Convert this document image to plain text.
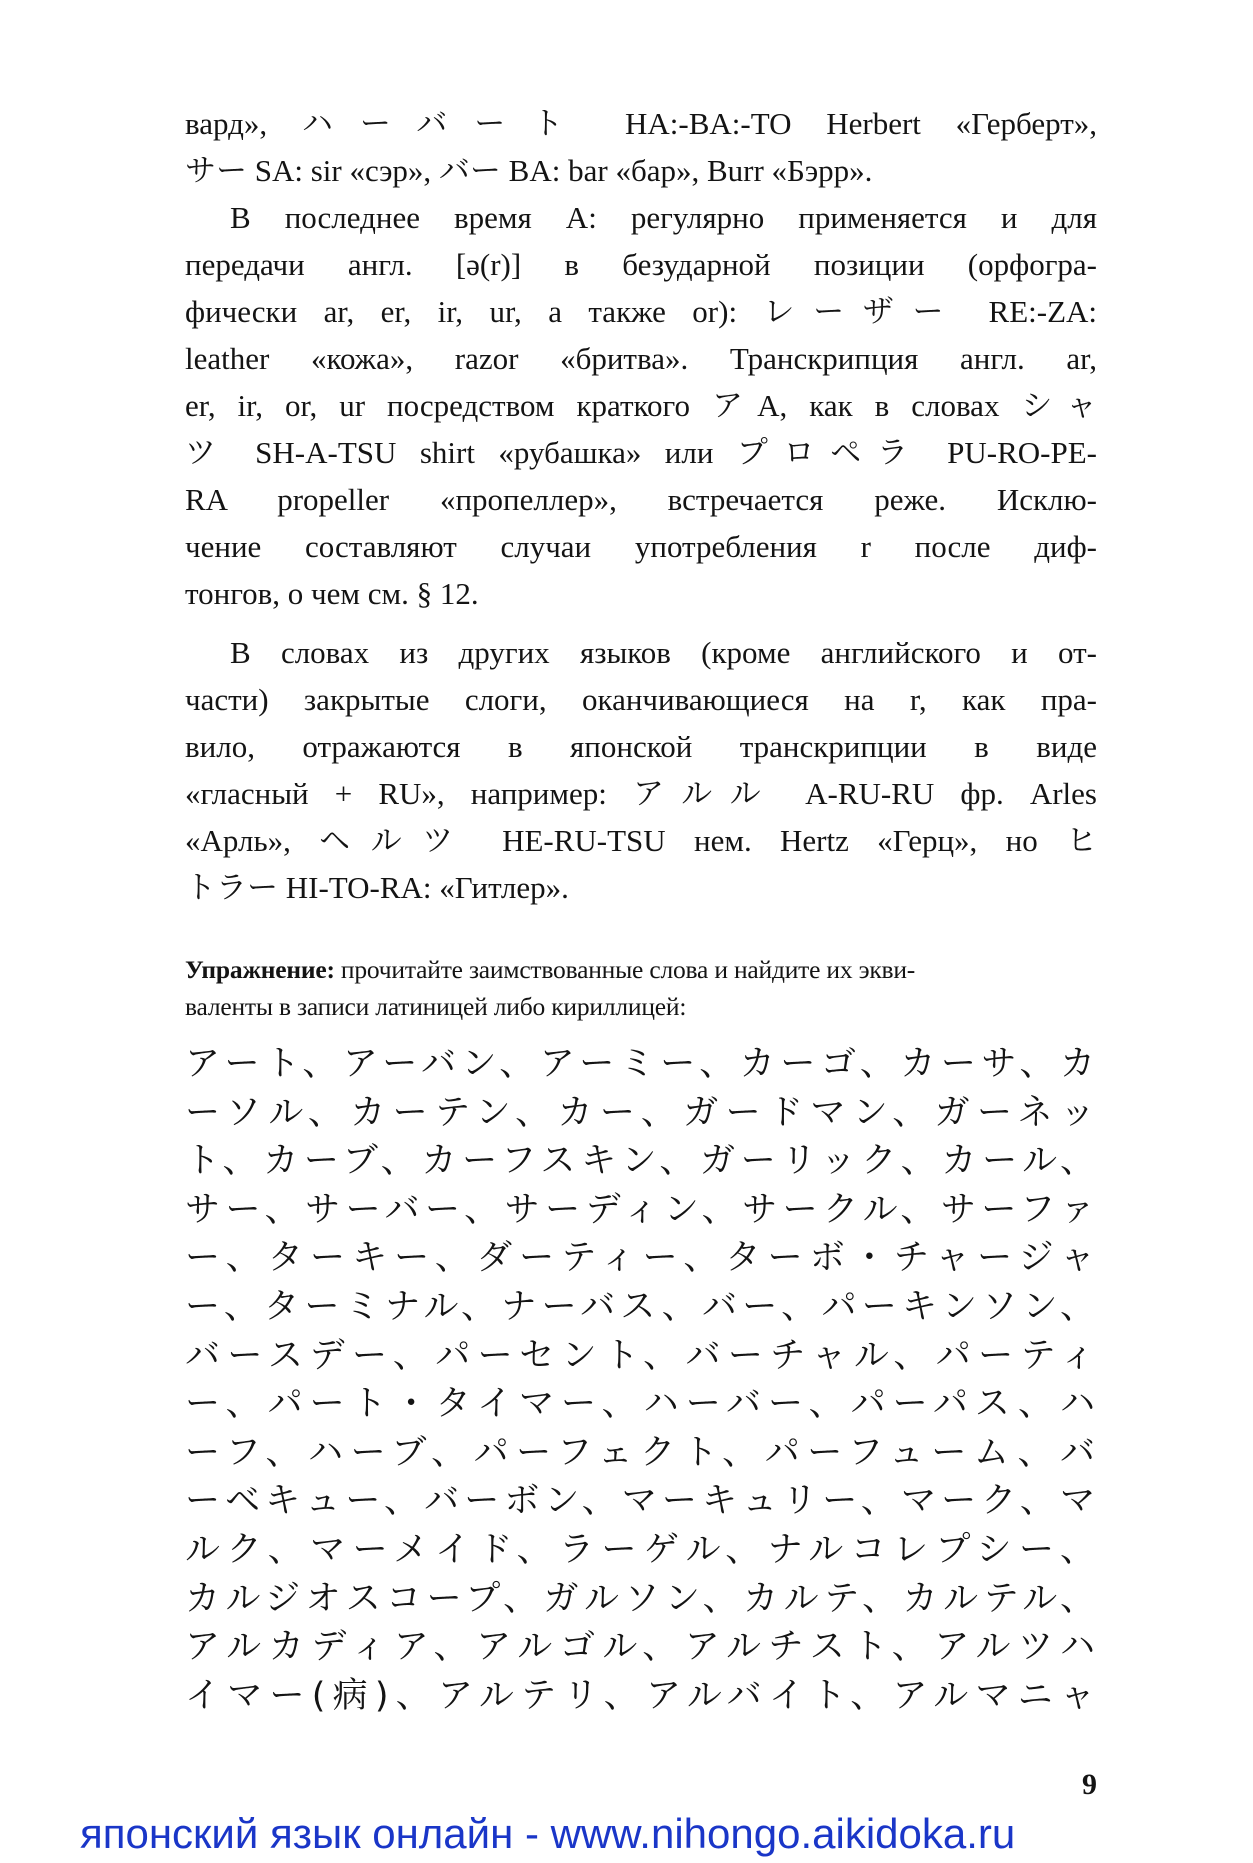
вард», ハーバート HA:-BA:-TO Herbert «Герберт»,
サー SA: sir «сэр», バー BA: bar «бар», Burr «Бэрр».

В последнее время A: регулярно применяется и для
передачи англ. [ə(r)] в безударной позиции (орфогра-
фически ar, er, ir, ur, а также or): レーザー RE:-ZA:
leather «кожа», razor «бритва». Транскрипция англ. ar,
er, ir, or, ur посредством краткого アA, как в словах シャ
ツ SH-A-TSU shirt «рубашка» или プロペラ PU-RO-PE-
RA propeller «пропеллер», встречается реже. Исклю-
чение составляют случаи употребления r после диф-
тонгов, о чем см. § 12.

В словах из других языков (кроме английского и от-
части) закрытые слоги, оканчивающиеся на r, как пра-
вило, отражаются в японской транскрипции в виде
«гласный + RU», например: アルル A-RU-RU фр. Arles
«Арль», ヘルツ HE-RU-TSU нем. Hertz «Герц», но ヒ
トラー HI-TO-RA: «Гитлер».

Упражнение: прочитайте заимствованные слова и найдите их экви-
валенты в записи латиницей либо кириллицей:
アート、アーバン、アーミー、カーゴ、カーサ、カ
ーソル、カーテン、カー、ガードマン、ガーネッ
ト、カーブ、カーフスキン、ガーリック、カール、
サー、サーバー、サーディン、サークル、サーファ
ー、ターキー、ダーティー、ターボ・チャージャ
ー、ターミナル、ナーバス、バー、パーキンソン、
バースデー、パーセント、バーチャル、パーティ
ー、パート・タイマー、ハーバー、パーパス、ハ
ーフ、ハーブ、パーフェクト、パーフューム、バ
ーベキュー、バーボン、マーキュリー、マーク、マ
ルク、マーメイド、ラーゲル、ナルコレプシー、
カルジオスコープ、ガルソン、カルテ、カルテル、
アルカディア、アルゴル、アルチスト、アルツハ
イマー(病)、アルテリ、アルバイト、アルマニャ
9
японский язык онлайн - www.nihongo.aikidoka.ru
